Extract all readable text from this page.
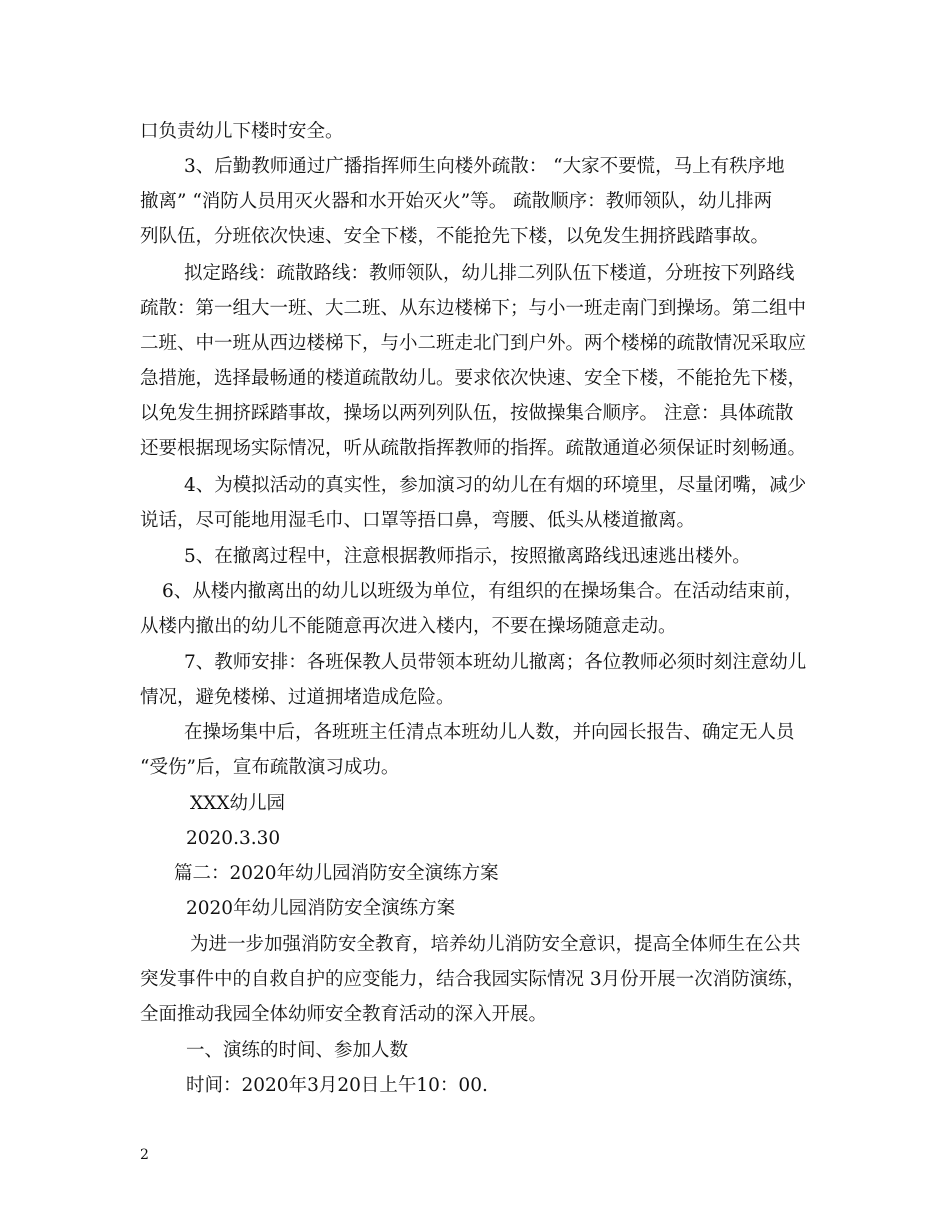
口负责幼儿下楼时安全。
3、后勤教师通过广播指挥师生向楼外疏散： “大家不要慌，马上有秩序地
撤离” “消防人员用灭火器和水开始灭火”等。 疏散顺序：教师领队，幼儿排两
列队伍，分班依次快速、安全下楼，不能抢先下楼，以免发生拥挤践踏事故。
拟定路线：疏散路线：教师领队，幼儿排二列队伍下楼道，分班按下列路线
疏散：第一组大一班、大二班、从东边楼梯下；与小一班走南门到操场。第二组中
二班、中一班从西边楼梯下，与小二班走北门到户外。两个楼梯的疏散情况采取应
急措施，选择最畅通的楼道疏散幼儿。要求依次快速、安全下楼，不能抢先下楼，
以免发生拥挤踩踏事故，操场以两列列队伍，按做操集合顺序。 注意：具体疏散
还要根据现场实际情况，听从疏散指挥教师的指挥。疏散通道必须保证时刻畅通。
4、为模拟活动的真实性，参加演习的幼儿在有烟的环境里，尽量闭嘴，减少
说话，尽可能地用湿毛巾、口罩等捂口鼻，弯腰、低头从楼道撤离。
5、在撤离过程中，注意根据教师指示，按照撤离路线迅速逃出楼外。
6、从楼内撤离出的幼儿以班级为单位，有组织的在操场集合。在活动结束前，
从楼内撤出的幼儿不能随意再次进入楼内，不要在操场随意走动。
7、教师安排：各班保教人员带领本班幼儿撤离；各位教师必须时刻注意幼儿
情况，避免楼梯、过道拥堵造成危险。
在操场集中后，各班班主任清点本班幼儿人数，并向园长报告、确定无人员
“受伤”后，宣布疏散演习成功。
XXX幼儿园
2020.3.30
篇二：2020年幼儿园消防安全演练方案
2020年幼儿园消防安全演练方案
为进一步加强消防安全教育，培养幼儿消防安全意识，提高全体师生在公共
突发事件中的自救自护的应变能力，结合我园实际情况 3月份开展一次消防演练，
全面推动我园全体幼师安全教育活动的深入开展。
一、演练的时间、参加人数
时间：2020年3月20日上午10：00.
2
